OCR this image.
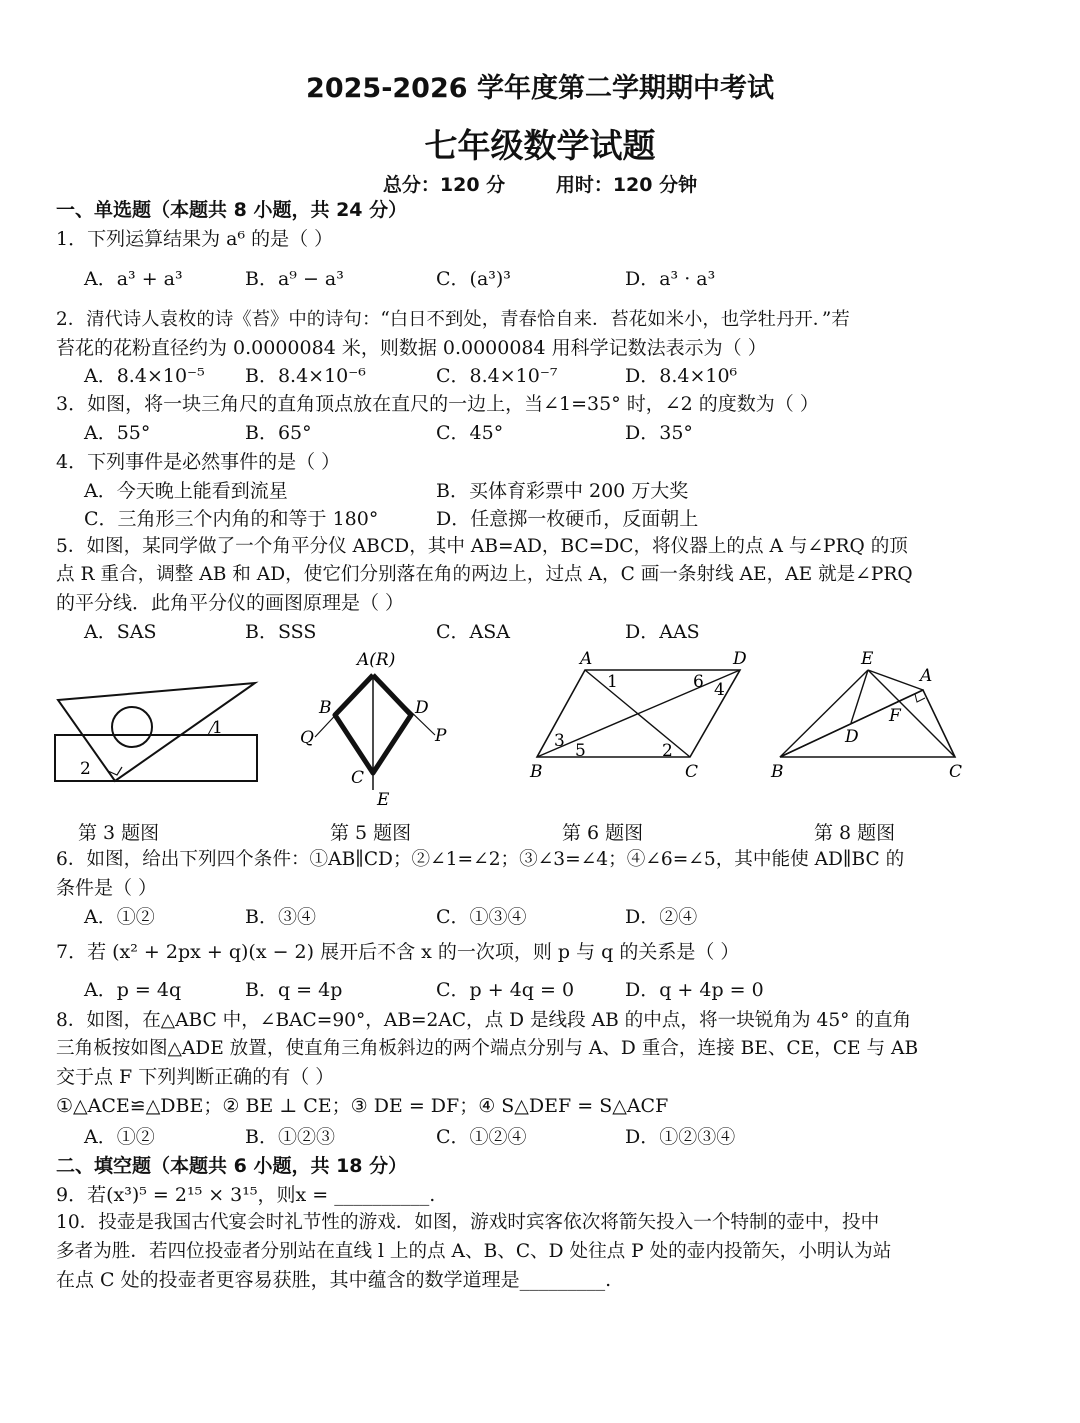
2025-2026 学年度第二学期期中考试
七年级数学试题
总分：120 分	用时：120 分钟
一、单选题（本题共 8 小题，共 24 分）
1．下列运算结果为 a⁶ 的是（ ）
A．a³ + a³	B．a⁹ − a³	C．(a³)³	D．a³ · a³
2．清代诗人袁枚的诗《苔》中的诗句：“白日不到处，青春恰自来．苔花如米小，也学牡丹开．”若
苔花的花粉直径约为 0.0000084 米，则数据 0.0000084 用科学记数法表示为（ ）
A．8.4×10⁻⁵ B．8.4×10⁻⁶	C．8.4×10⁻⁷	D．8.4×10⁶
3．如图，将一块三角尺的直角顶点放在直尺的一边上，当∠1=35° 时，∠2 的度数为（ ）
A．55°	B．65°	C．45°	D．35°
4．下列事件是必然事件的是（ ）
A．今天晚上能看到流星	B．买体育彩票中 200 万大奖
C．三角形三个内角的和等于 180°	D．任意掷一枚硬币，反面朝上
5．如图，某同学做了一个角平分仪 ABCD，其中 AB=AD，BC=DC，将仪器上的点 A 与∠PRQ 的顶
点 R 重合，调整 AB 和 AD，使它们分别落在角的两边上，过点 A，C 画一条射线 AE，AE 就是∠PRQ
的平分线．此角平分仪的画图原理是（ ）
A．SAS	B．SSS	C．ASA	D．AAS
1
2
A(R)
B	D
Q	P
C
E
A	D
B	C
1	6 4
3 5	2
E
A
F
D
B	C
第 3 题图	第 5 题图	第 6 题图	第 8 题图
6．如图，给出下列四个条件：①AB∥CD；②∠1=∠2；③∠3=∠4；④∠6=∠5，其中能使 AD∥BC 的
条件是（ ）
A．①②	B．③④	C．①③④	D．②④
7．若 (x² + 2px + q)(x − 2) 展开后不含 x 的一次项，则 p 与 q 的关系是（ ）
A．p = 4q	B．q = 4p	C．p + 4q = 0	D．q + 4p = 0
8．如图，在△ABC 中，∠BAC=90°，AB=2AC，点 D 是线段 AB 的中点，将一块锐角为 45° 的直角
三角板按如图△ADE 放置，使直角三角板斜边的两个端点分别与 A、D 重合，连接 BE、CE，CE 与 AB
交于点 F 下列判断正确的有（ ）
①△ACE≌△DBE；② BE ⊥ CE；③ DE = DF；④ S△DEF = S△ACF
A．①②	B．①②③	C．①②④	D．①②③④
二、填空题（本题共 6 小题，共 18 分）
9．若(x³)⁵ = 2¹⁵ × 3¹⁵，则x = __________.
10．投壶是我国古代宴会时礼节性的游戏．如图，游戏时宾客依次将箭矢投入一个特制的壶中，投中
多者为胜．若四位投壶者分别站在直线 l 上的点 A、B、C、D 处往点 P 处的壶内投箭矢，小明认为站
在点 C 处的投壶者更容易获胜，其中蕴含的数学道理是_________.
